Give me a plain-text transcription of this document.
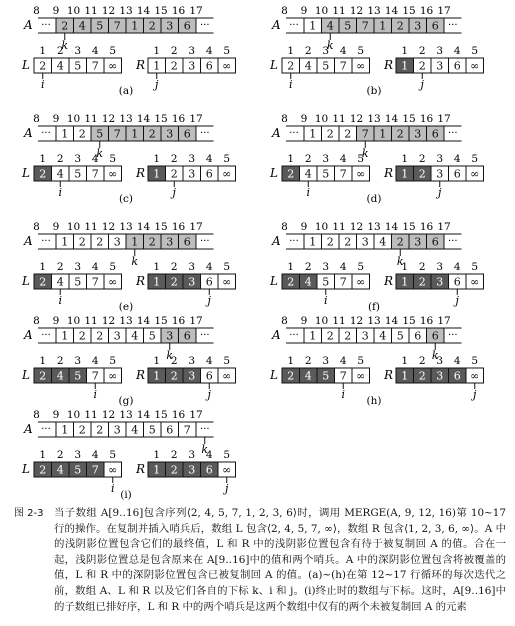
8 9 10 11 12 13 14 15 16 17
A ··· 2 4 5 7 1 2 3 6 ···
k
1 2 3 4 5
L 2 4 5 7 ∞
i
1 2 3 4 5
R 1 2 3 6 ∞
j
(a)
8 9 10 11 12 13 14 15 16 17
A ··· 1 4 5 7 1 2 3 6 ···
k
1 2 3 4 5
L 2 4 5 7 ∞
i
1 2 3 4 5
R 1 2 3 6 ∞
j
(b)
8 9 10 11 12 13 14 15 16 17
A ··· 1 2 5 7 1 2 3 6 ···
k
1 2 3 4 5
L 2 4 5 7 ∞
i
1 2 3 4 5
R 1 2 3 6 ∞
j
(c)
8 9 10 11 12 13 14 15 16 17
A ··· 1 2 2 7 1 2 3 6 ···
k
1 2 3 4 5
L 2 4 5 7 ∞
i
1 2 3 4 5
R 1 2 3 6 ∞
j
(d)
8 9 10 11 12 13 14 15 16 17
A ··· 1 2 2 3 1 2 3 6 ···
k
1 2 3 4 5
L 2 4 5 7 ∞
i
1 2 3 4 5
R 1 2 3 6 ∞
j
(e)
8 9 10 11 12 13 14 15 16 17
A ··· 1 2 2 3 4 2 3 6 ···
k
1 2 3 4 5
L 2 4 5 7 ∞
i
1 2 3 4 5
R 1 2 3 6 ∞
j
(f)
8 9 10 11 12 13 14 15 16 17
A ··· 1 2 2 3 4 5 3 6 ···
k
1 2 3 4 5
L 2 4 5 7 ∞
i
1 2 3 4 5
R 1 2 3 6 ∞
j
(g)
8 9 10 11 12 13 14 15 16 17
A ··· 1 2 2 3 4 5 6 6 ···
k
1 2 3 4 5
L 2 4 5 7 ∞
i
1 2 3 4 5
R 1 2 3 6 ∞
j
(h)
8 9 10 11 12 13 14 15 16 17
A ··· 1 2 2 3 4 5 6 7 ···
k
1 2 3 4 5
L 2 4 5 7 ∞
i
1 2 3 4 5
R 1 2 3 6 ∞
j
(i)
图 2-3 当子数组 A[9‥16]包含序列⟨2, 4, 5, 7, 1, 2, 3, 6⟩时，调用 MERGE(A, 9, 12, 16)第 10~17 行的操作。在复制并插入哨兵后，数组 L 包含⟨2, 4, 5, 7, ∞⟩，数组 R 包含⟨1, 2, 3, 6, ∞⟩。A 中的浅阴影位置包含它们的最终值，L 和 R 中的浅阴影位置包含有待于被复制回 A 的值。合在一起，浅阴影位置总是包含原来在 A[9‥16]中的值和两个哨兵。A 中的深阴影位置包含将被覆盖的值，L 和 R 中的深阴影位置包含已被复制回 A 的值。(a)~(h)在第 12~17 行循环的每次迭代之前，数组 A、L 和 R 以及它们各自的下标 k、i 和 j。(i)终止时的数组与下标。这时，A[9‥16]中的子数组已排好序，L 和 R 中的两个哨兵是这两个数组中仅有的两个未被复制回 A 的元素
